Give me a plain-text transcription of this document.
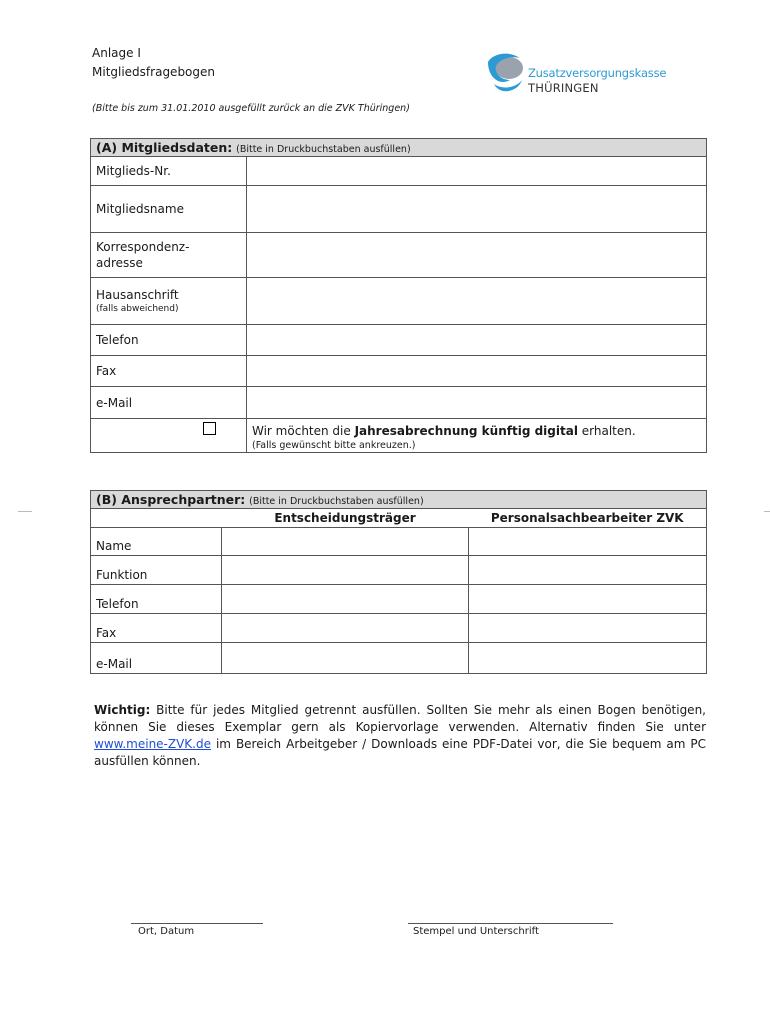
Anlage I
Mitgliedsfragebogen
(Bitte bis zum 31.01.2010 ausgefüllt zurück an die ZVK Thüringen)
Zusatzversorgungskasse
THÜRINGEN
(A) Mitgliedsdaten: (Bitte in Druckbuchstaben ausfüllen)	
Mitglieds-Nr.	
Mitgliedsname	
Korrespondenz-
adresse	
Hausanschrift
(falls abweichend)	

Telefon	
Fax	
e-Mail	
	Wir möchten die Jahresabrechnung künftig digital erhalten.
(Falls gewünscht bitte ankreuzen.)
(B) Ansprechpartner: (Bitte in Druckbuchstaben ausfüllen)		
	Entscheidungsträger	Personalsachbearbeiter ZVK
Name		
Funktion		
Telefon		
Fax		
e-Mail		
Wichtig: Bitte für jedes Mitglied getrennt ausfüllen. Sollten Sie mehr als einen Bogen benötigen, können Sie dieses Exemplar gern als Kopiervorlage verwenden. Alternativ finden Sie unter www.meine-ZVK.de im Bereich Arbeitgeber / Downloads eine PDF-Datei vor, die Sie bequem am PC ausfüllen können.
Ort, Datum	Stempel und Unterschrift
